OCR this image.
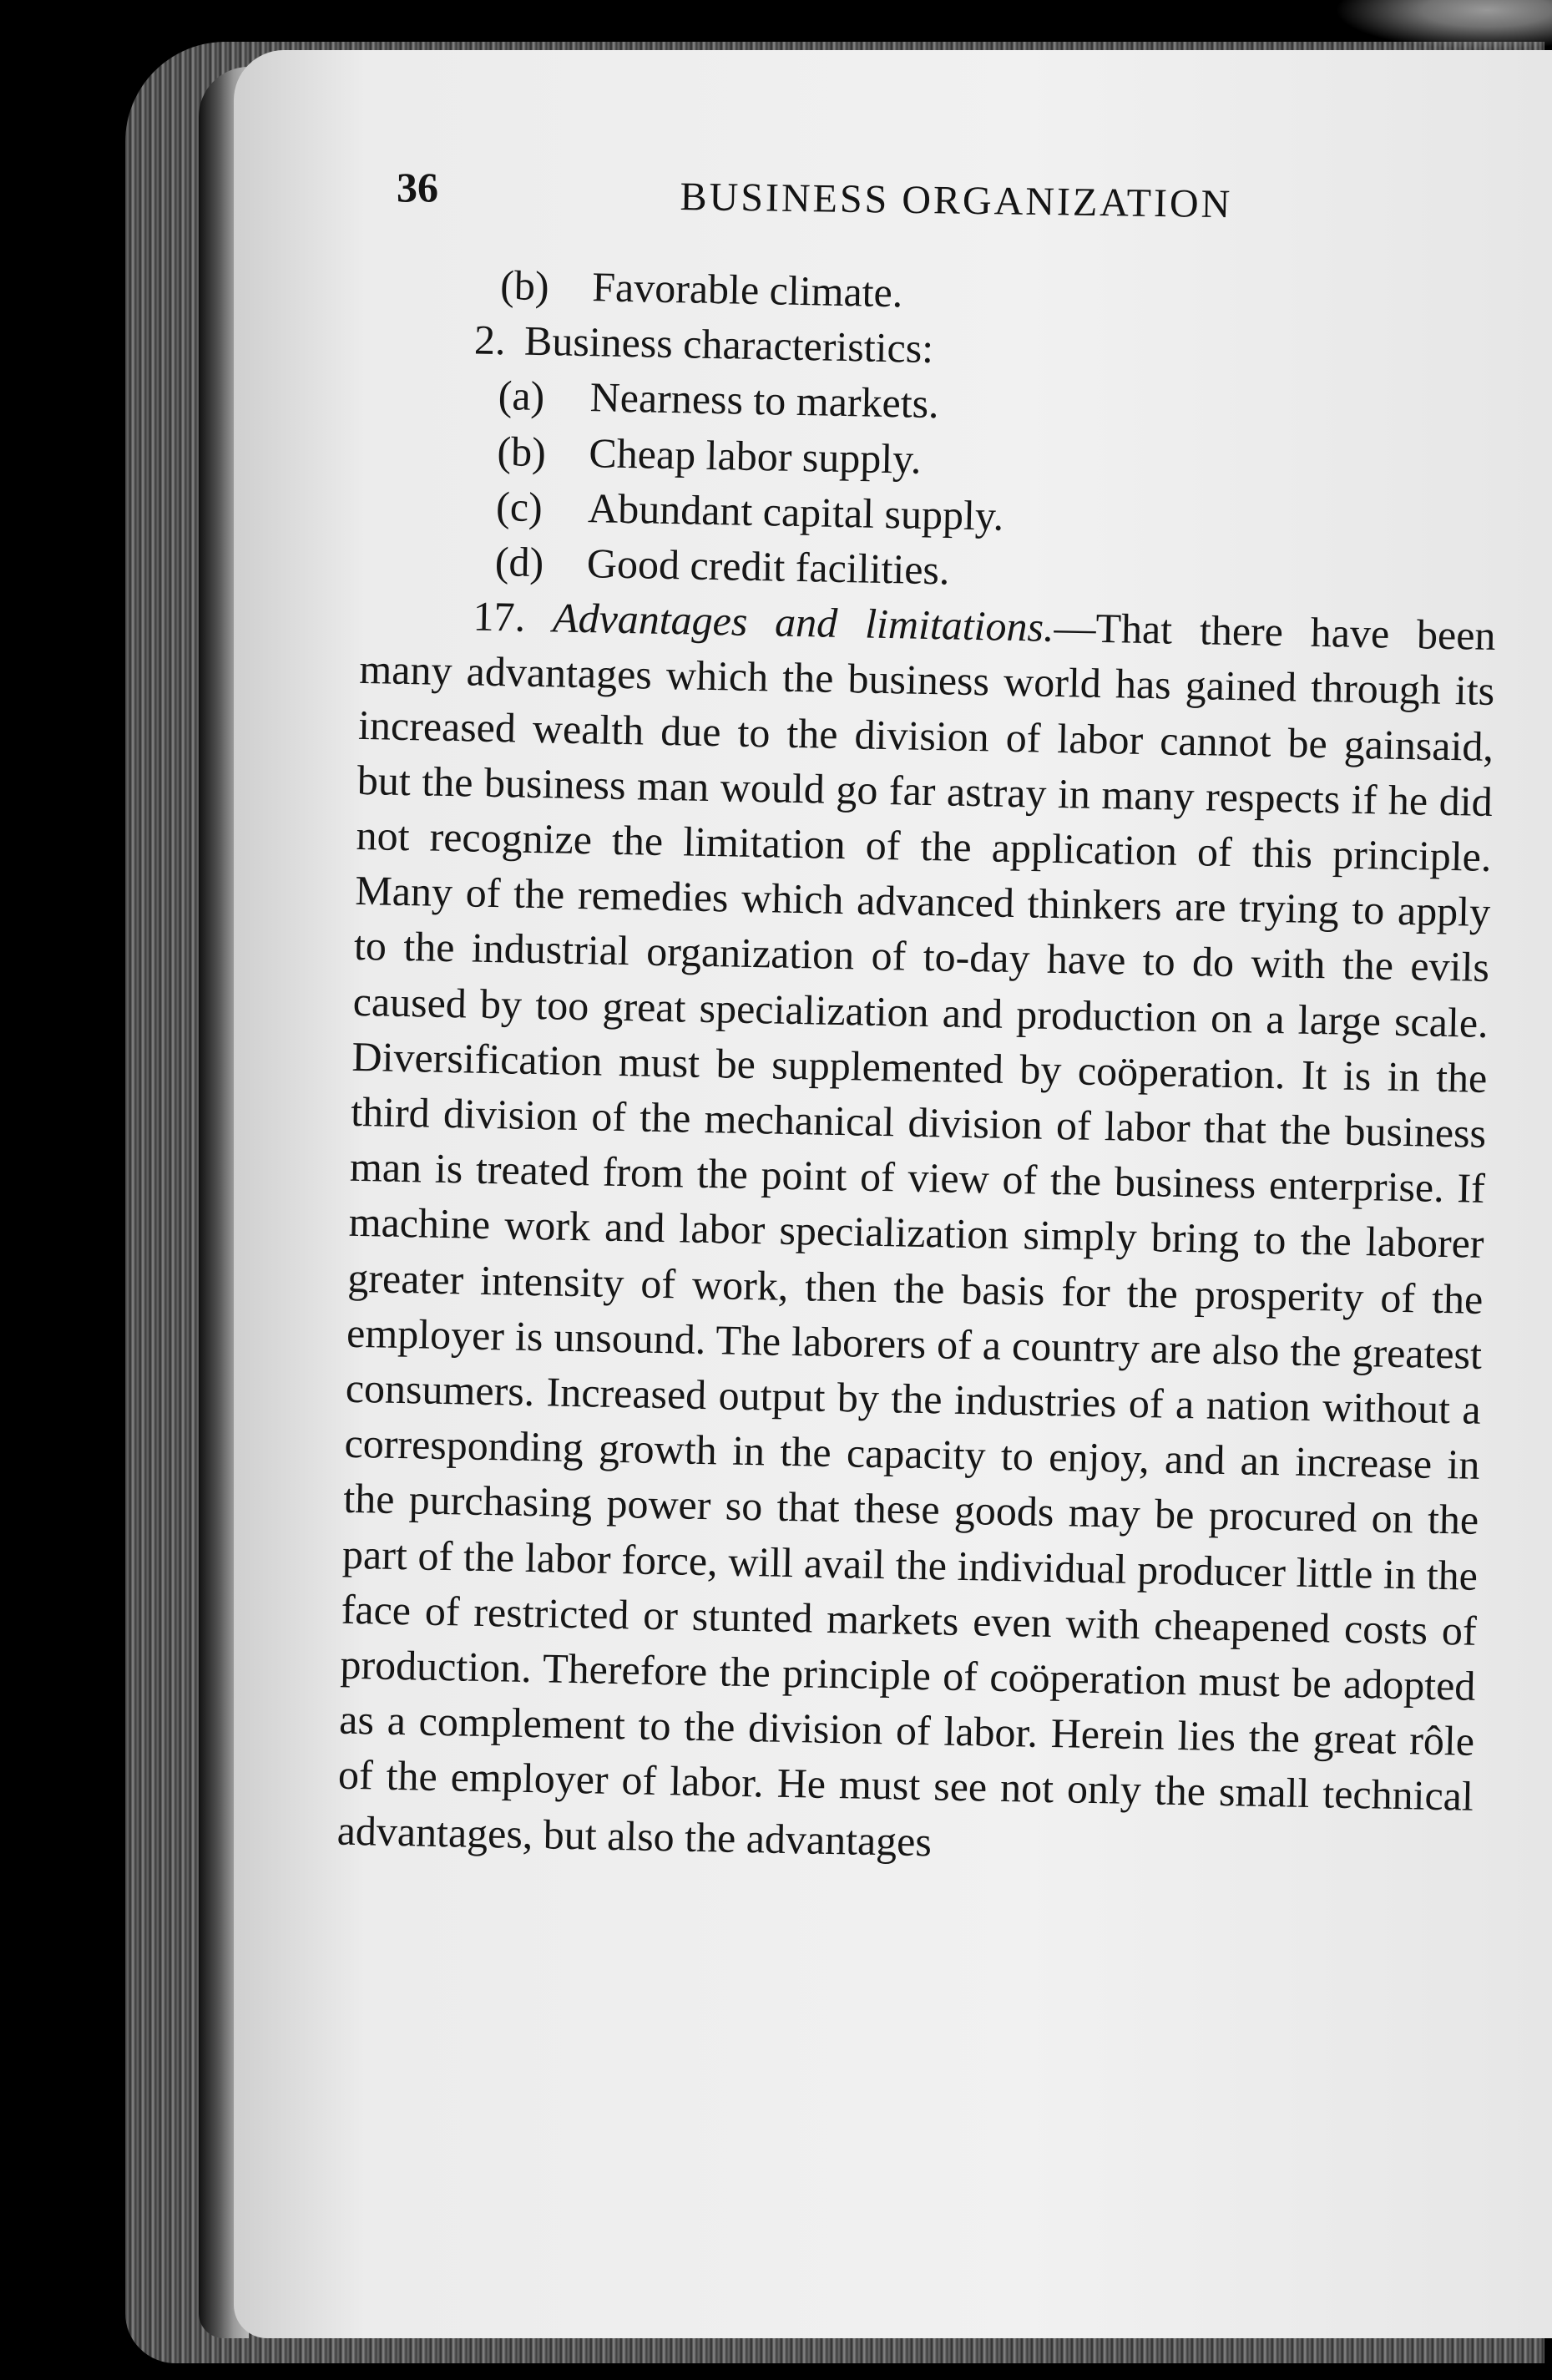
36	BUSINESS ORGANIZATION
(b) Favorable climate.
2. Business characteristics:
(a) Nearness to markets.
(b) Cheap labor supply.
(c) Abundant capital supply.
(d) Good credit facilities.

17. Advantages and limitations.—That there have been many advantages which the business world has gained through its increased wealth due to the division of labor cannot be gainsaid, but the business man would go far astray in many respects if he did not recognize the limitation of the application of this principle. Many of the remedies which advanced thinkers are trying to apply to the industrial organization of to-day have to do with the evils caused by too great specialization and production on a large scale. Diversification must be supplemented by coöperation. It is in the third division of the mechanical division of labor that the business man is treated from the point of view of the business enterprise. If machine work and labor specialization simply bring to the laborer greater intensity of work, then the basis for the prosperity of the employer is unsound. The laborers of a country are also the greatest consumers. Increased output by the industries of a nation without a corresponding growth in the capacity to enjoy, and an increase in the purchasing power so that these goods may be procured on the part of the labor force, will avail the individual producer little in the face of restricted or stunted markets even with cheapened costs of production. Therefore the principle of coöperation must be adopted as a complement to the division of labor. Herein lies the great rôle of the employer of labor. He must see not only the small technical advantages, but also the advantages
